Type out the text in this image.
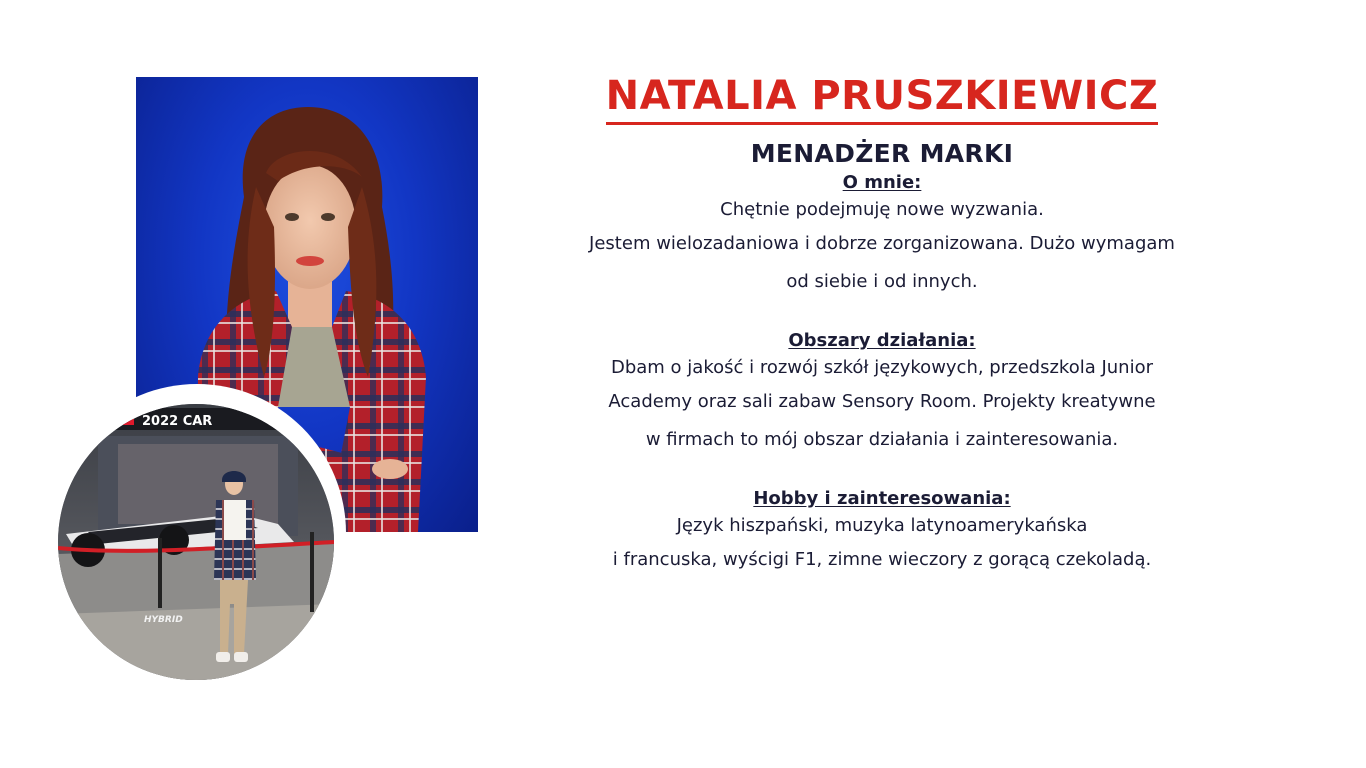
2022 CAR
HYBRID
NATALIA PRUSZKIEWICZ
MENADŻER MARKI
O mnie:
Chętnie podejmuję nowe wyzwania.
Jestem wielozadaniowa i dobrze zorganizowana. Dużo wymagam
od siebie i od innych.
Obszary działania:
Dbam o jakość i rozwój szkół językowych, przedszkola Junior
Academy oraz sali zabaw Sensory Room. Projekty kreatywne
w firmach to mój obszar działania i zainteresowania.
Hobby i zainteresowania:
Język hiszpański, muzyka latynoamerykańska
i francuska, wyścigi F1, zimne wieczory z gorącą czekoladą.
